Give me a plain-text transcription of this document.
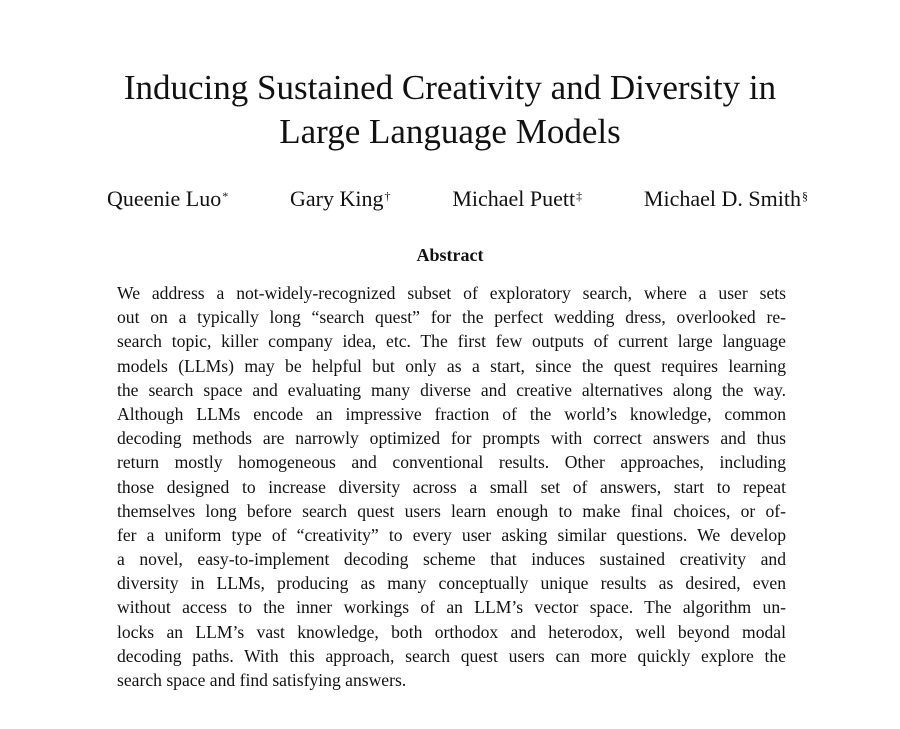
Inducing Sustained Creativity and Diversity in
Large Language Models
Queenie Luo*	Gary King†	Michael Puett‡	Michael D. Smith§
Abstract
We address a not-widely-recognized subset of exploratory search, where a user sets
out on a typically long “search quest” for the perfect wedding dress, overlooked re-
search topic, killer company idea, etc. The first few outputs of current large language
models (LLMs) may be helpful but only as a start, since the quest requires learning
the search space and evaluating many diverse and creative alternatives along the way.
Although LLMs encode an impressive fraction of the world’s knowledge, common
decoding methods are narrowly optimized for prompts with correct answers and thus
return mostly homogeneous and conventional results. Other approaches, including
those designed to increase diversity across a small set of answers, start to repeat
themselves long before search quest users learn enough to make final choices, or of-
fer a uniform type of “creativity” to every user asking similar questions. We develop
a novel, easy-to-implement decoding scheme that induces sustained creativity and
diversity in LLMs, producing as many conceptually unique results as desired, even
without access to the inner workings of an LLM’s vector space. The algorithm un-
locks an LLM’s vast knowledge, both orthodox and heterodox, well beyond modal
decoding paths. With this approach, search quest users can more quickly explore the
search space and find satisfying answers.
